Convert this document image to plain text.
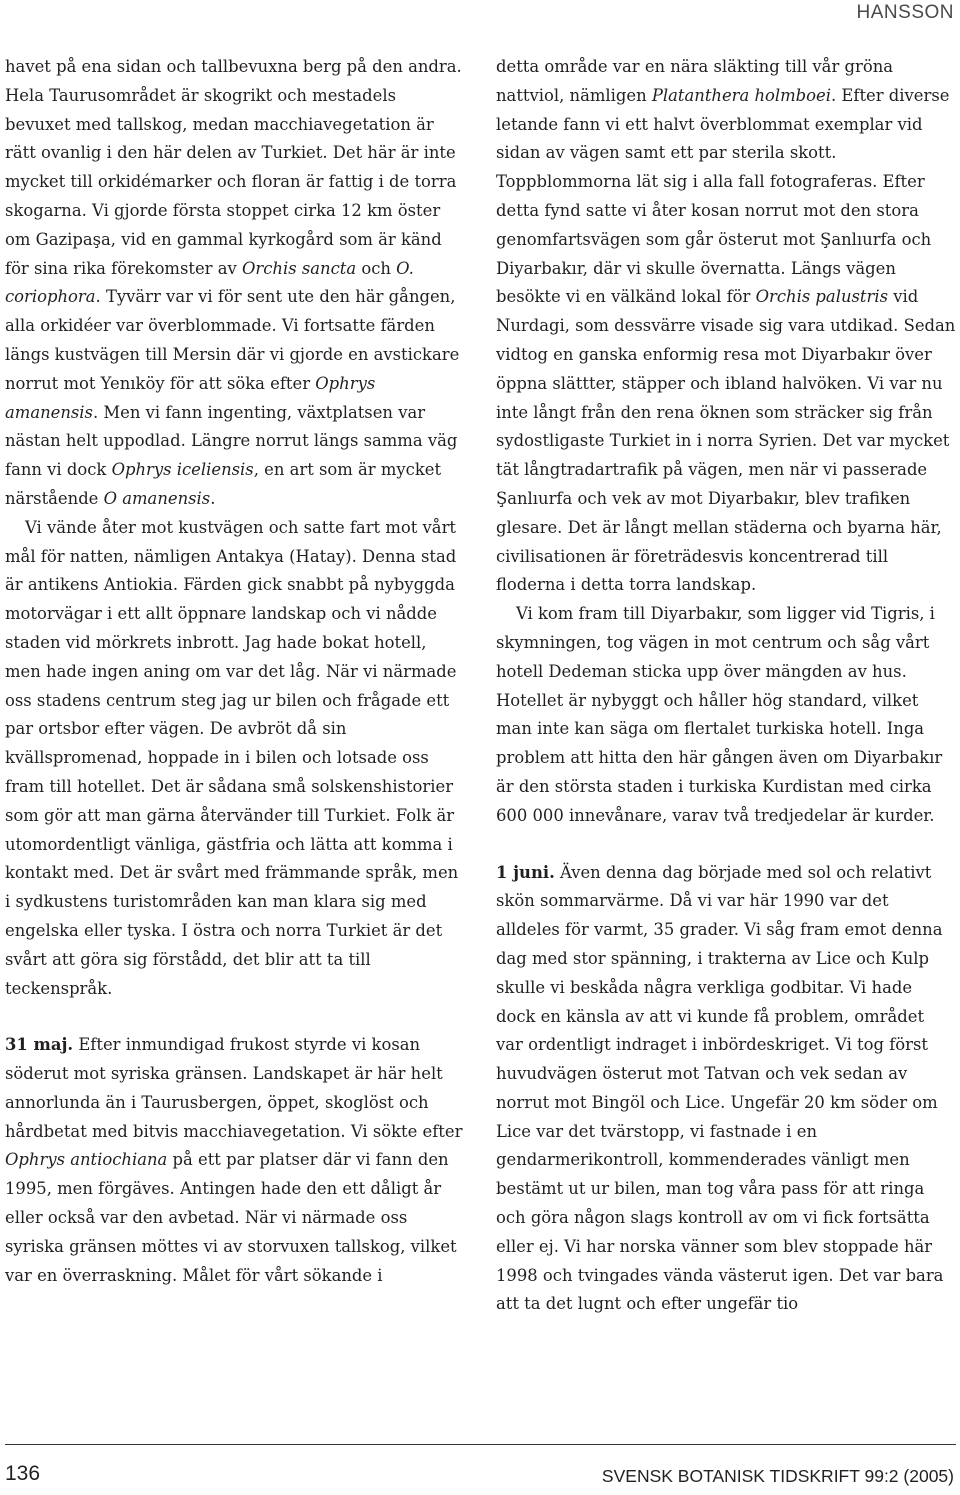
HANSSON

havet på ena sidan och tallbevuxna berg på den andra. Hela Taurusområdet är skogrikt och mestadels bevuxet med tallskog, medan macchiavegetation är rätt ovanlig i den här delen av Turkiet. Det här är inte mycket till orkidémarker och floran är fattig i de torra skogarna. Vi gjorde första stoppet cirka 12 km öster om Gazipaşa, vid en gammal kyrkogård som är känd för sina rika förekomster av Orchis sancta och O. coriophora. Tyvärr var vi för sent ute den här gången, alla orkidéer var överblommade. Vi fortsatte färden längs kustvägen till Mersin där vi gjorde en avstickare norrut mot Yenıköy för att söka efter Ophrys amanensis. Men vi fann ingenting, växtplatsen var nästan helt uppodlad. Längre norrut längs samma väg fann vi dock Ophrys iceliensis, en art som är mycket närstående O amanensis.

Vi vände åter mot kustvägen och satte fart mot vårt mål för natten, nämligen Antakya (Hatay). Denna stad är antikens Antiokia. Färden gick snabbt på nybyggda motorvägar i ett allt öppnare landskap och vi nådde staden vid mörkrets inbrott. Jag hade bokat hotell, men hade ingen aning om var det låg. När vi närmade oss stadens centrum steg jag ur bilen och frågade ett par ortsbor efter vägen. De avbröt då sin kvällspromenad, hoppade in i bilen och lotsade oss fram till hotellet. Det är sådana små solskenshistorier som gör att man gärna återvänder till Turkiet. Folk är utomordentligt vänliga, gästfria och lätta att komma i kontakt med. Det är svårt med främmande språk, men i sydkustens turistområden kan man klara sig med engelska eller tyska. I östra och norra Turkiet är det svårt att göra sig förstådd, det blir att ta till teckenspråk.

31 maj. Efter inmundigad frukost styrde vi kosan söderut mot syriska gränsen. Landskapet är här helt annorlunda än i Taurusbergen, öppet, skoglöst och hårdbetat med bitvis macchiavegetation. Vi sökte efter Ophrys antiochiana på ett par platser där vi fann den 1995, men förgäves. Antingen hade den ett dåligt år eller också var den avbetad. När vi närmade oss syriska gränsen möttes vi av storvuxen tallskog, vilket var en överraskning. Målet för vårt sökande i

detta område var en nära släkting till vår gröna nattviol, nämligen Platanthera holmboei. Efter diverse letande fann vi ett halvt överblommat exemplar vid sidan av vägen samt ett par sterila skott. Toppblommorna lät sig i alla fall fotograferas. Efter detta fynd satte vi åter kosan norrut mot den stora genomfartsvägen som går österut mot Şanlıurfa och Diyarbakır, där vi skulle övernatta. Längs vägen besökte vi en välkänd lokal för Orchis palustris vid Nurdagi, som dessvärre visade sig vara utdikad. Sedan vidtog en ganska enformig resa mot Diyarbakır över öppna slättter, stäpper och ibland halvöken. Vi var nu inte långt från den rena öknen som sträcker sig från sydostligaste Turkiet in i norra Syrien. Det var mycket tät långtradartrafik på vägen, men när vi passerade Şanlıurfa och vek av mot Diyarbakır, blev trafiken glesare. Det är långt mellan städerna och byarna här, civilisationen är företrädesvis koncentrerad till floderna i detta torra landskap.

Vi kom fram till Diyarbakır, som ligger vid Tigris, i skymningen, tog vägen in mot centrum och såg vårt hotell Dedeman sticka upp över mängden av hus. Hotellet är nybyggt och håller hög standard, vilket man inte kan säga om flertalet turkiska hotell. Inga problem att hitta den här gången även om Diyarbakır är den största staden i turkiska Kurdistan med cirka 600 000 innevånare, varav två tredjedelar är kurder.

1 juni. Även denna dag började med sol och relativt skön sommarvärme. Då vi var här 1990 var det alldeles för varmt, 35 grader. Vi såg fram emot denna dag med stor spänning, i trakterna av Lice och Kulp skulle vi beskåda några verkliga godbitar. Vi hade dock en känsla av att vi kunde få problem, området var ordentligt indraget i inbördeskriget. Vi tog först huvudvägen österut mot Tatvan och vek sedan av norrut mot Bingöl och Lice. Ungefär 20 km söder om Lice var det tvärstopp, vi fastnade i en gendarmerikontroll, kommenderades vänligt men bestämt ut ur bilen, man tog våra pass för att ringa och göra någon slags kontroll av om vi fick fortsätta eller ej. Vi har norska vänner som blev stoppade här 1998 och tvingades vända västerut igen. Det var bara att ta det lugnt och efter ungefär tio

136	SVENSK BOTANISK TIDSKRIFT 99:2 (2005)
